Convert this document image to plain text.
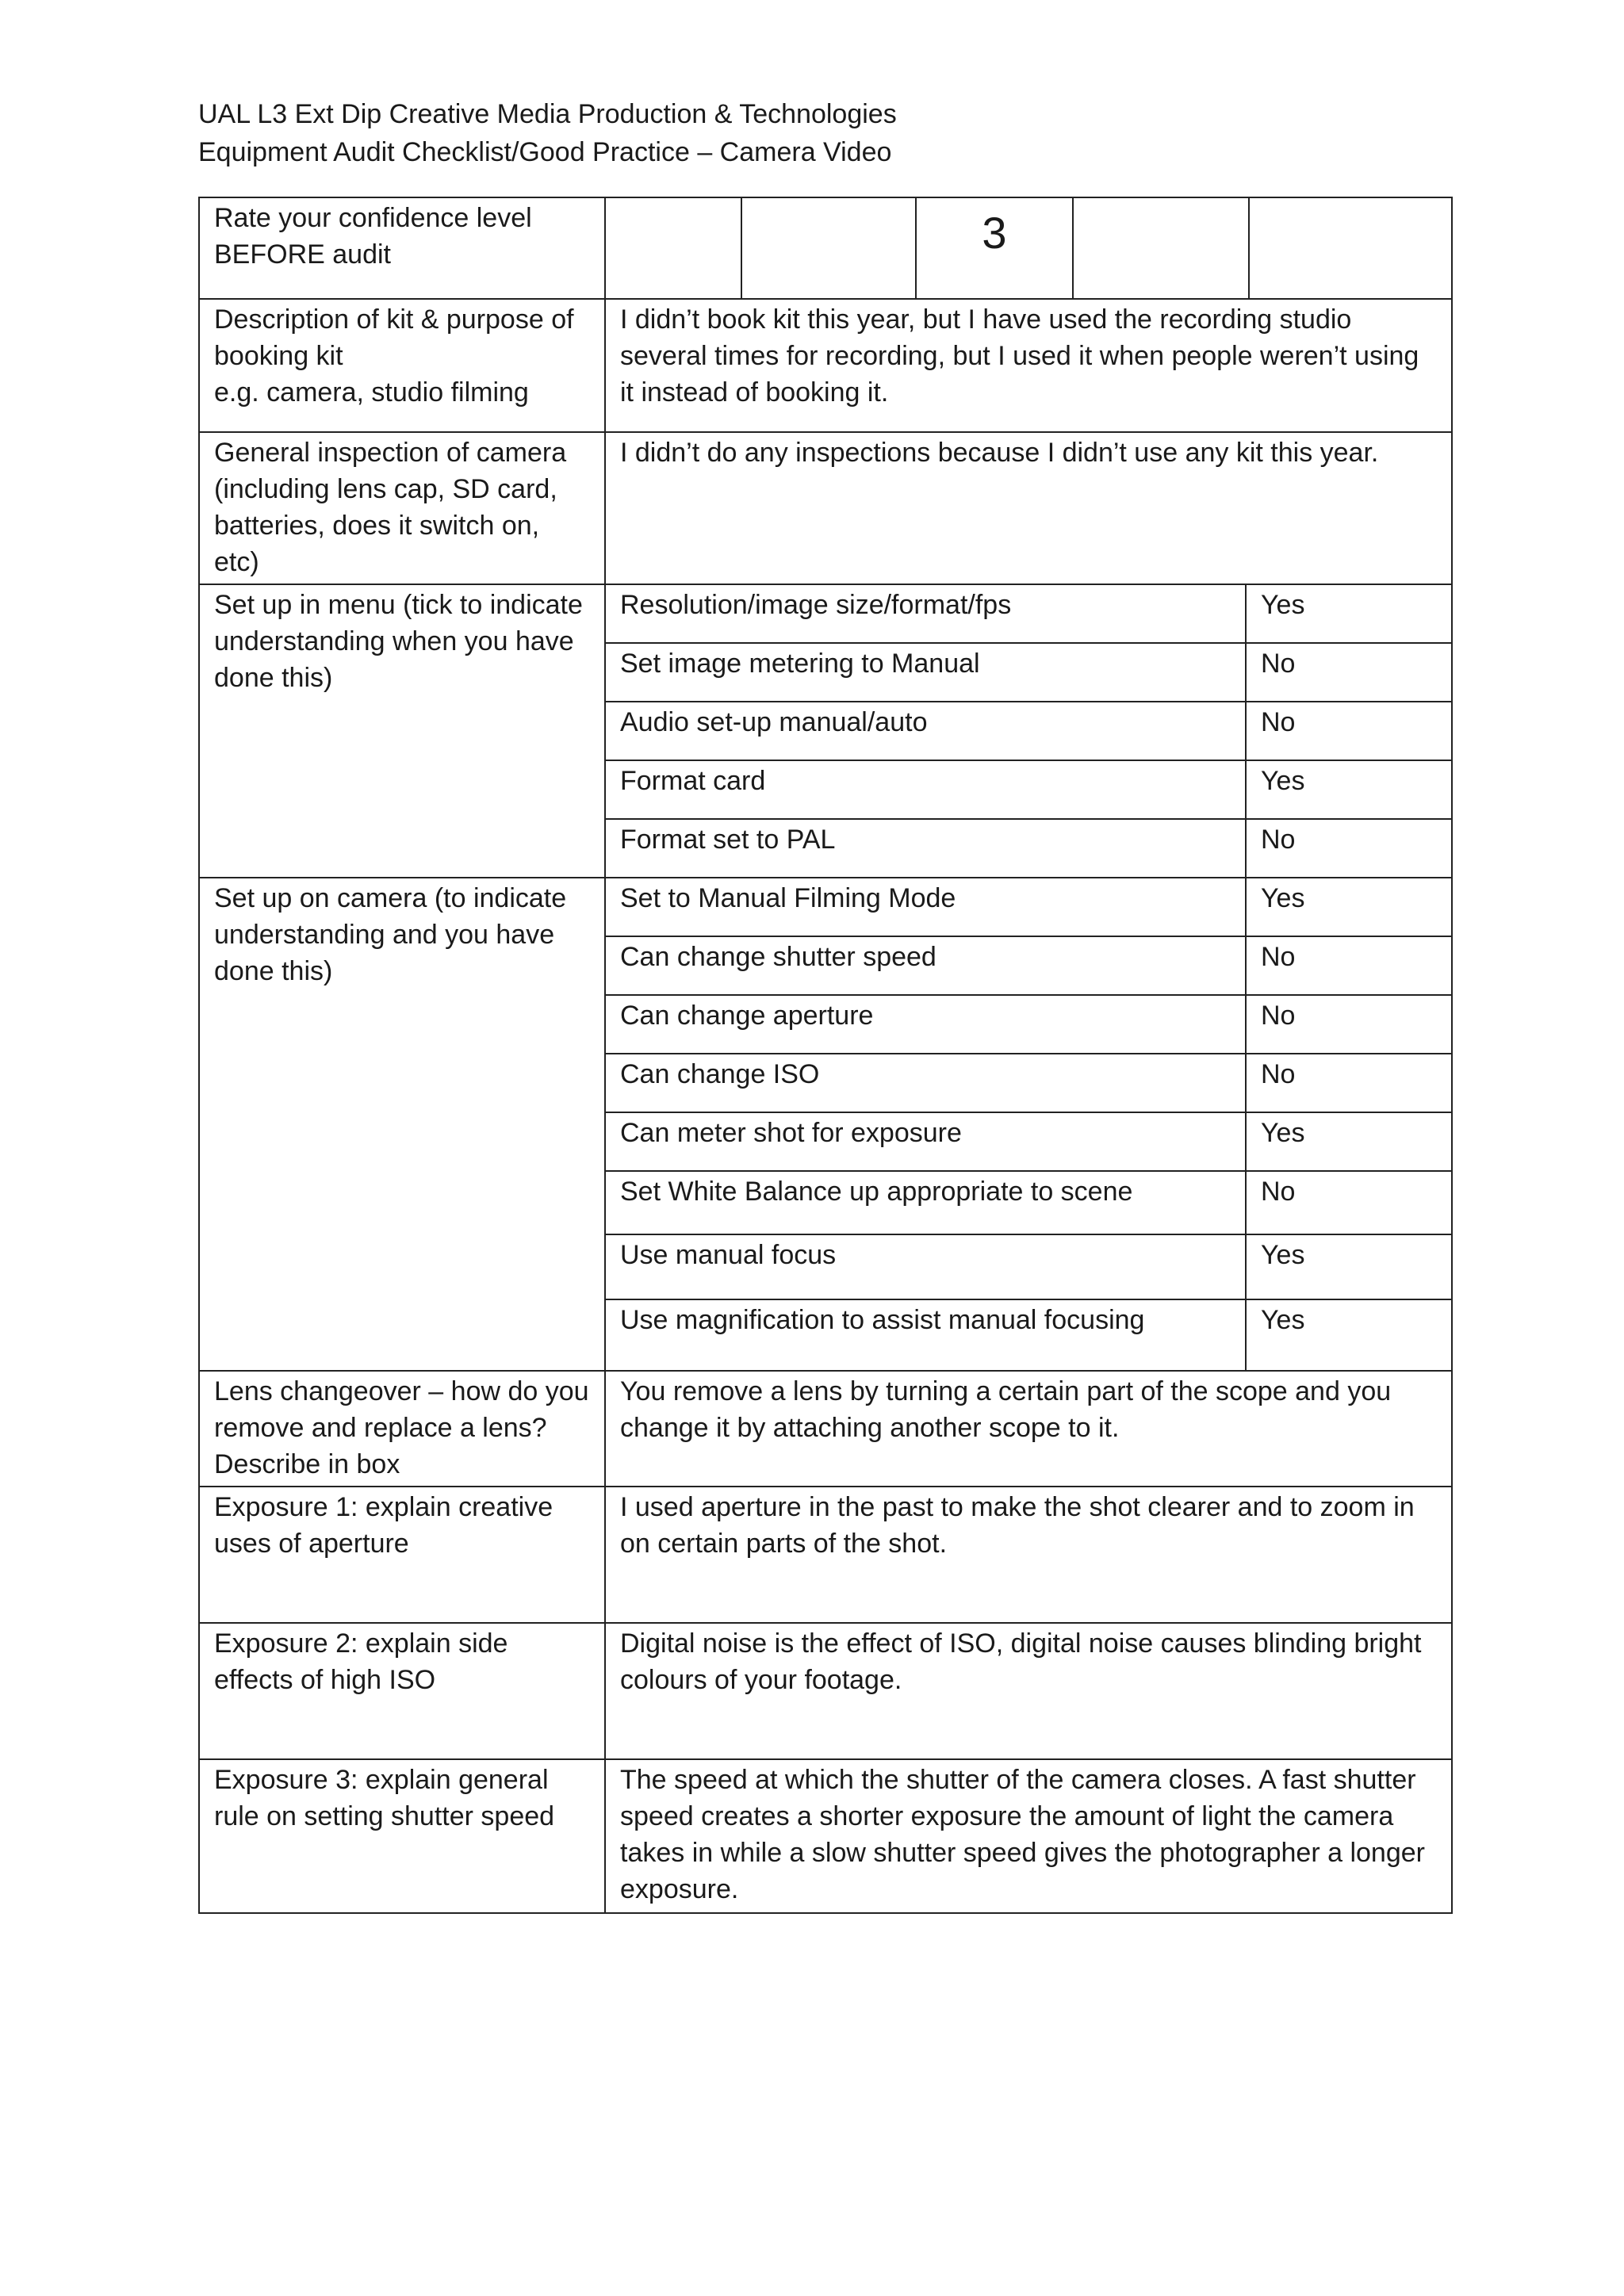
UAL L3 Ext Dip Creative Media Production & Technologies
Equipment Audit Checklist/Good Practice – Camera Video
Rate your confidence level BEFORE audit			3		
Description of kit & purpose of
booking kit
e.g. camera, studio filming	I didn’t book kit this year, but I have used the recording studio several times for recording, but I used it when people weren’t using it instead of booking it.	
General inspection of camera (including lens cap, SD card, batteries, does it switch on, etc)	I didn’t do any inspections because I didn’t use any kit this year.	
Set up in menu (tick to indicate understanding when you have done this)	Resolution/image size/format/fps	Yes
	Set image metering to Manual	No
	Audio set-up manual/auto	No
	Format card	Yes
	Format set to PAL	No
Set up on camera (to indicate understanding and you have done this)	Set to Manual Filming Mode	Yes
	Can change shutter speed	No
	Can change aperture	No
	Can change ISO	No
	Can meter shot for exposure	Yes
	Set White Balance up appropriate to scene	No
	Use manual focus	Yes
	Use magnification to assist manual focusing	Yes
Lens changeover – how do you remove and replace a lens? Describe in box	You remove a lens by turning a certain part of the scope and you change it by attaching another scope to it.	
Exposure 1: explain creative uses of aperture	I used aperture in the past to make the shot clearer and to zoom in on certain parts of the shot.	
Exposure 2: explain side effects of high ISO	Digital noise is the effect of ISO, digital noise causes blinding bright colours of your footage.	
Exposure 3: explain general rule on setting shutter speed	The speed at which the shutter of the camera closes. A fast shutter speed creates a shorter exposure the amount of light the camera takes in while a slow shutter speed gives the photographer a longer exposure.	
